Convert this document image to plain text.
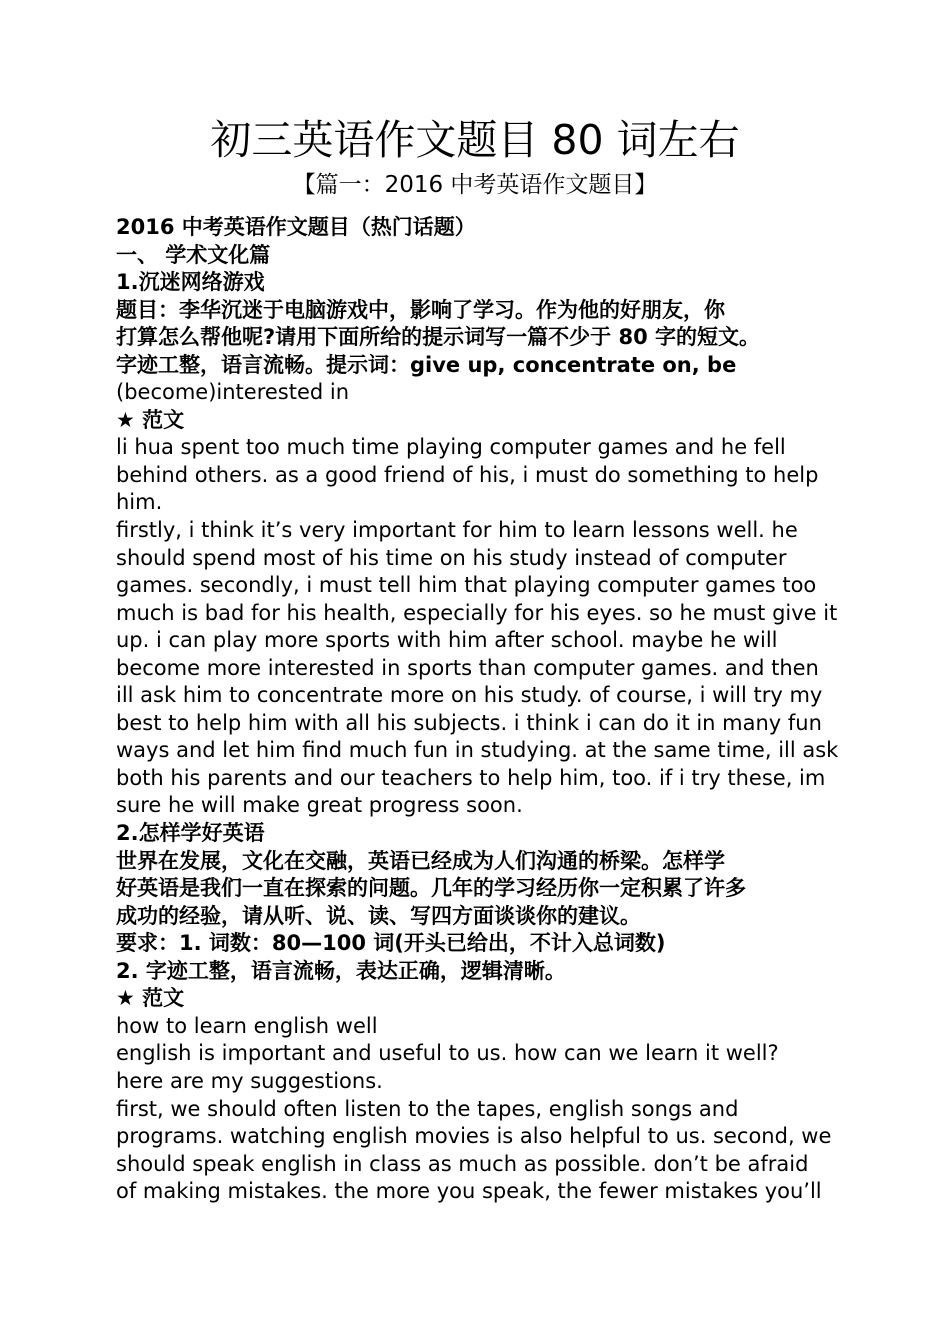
初三英语作文题目 80 词左右
【篇一：2016 中考英语作文题目】
2016 中考英语作文题目（热门话题）
一、 学术文化篇
1.沉迷网络游戏
题目：李华沉迷于电脑游戏中，影响了学习。作为他的好朋友，你
打算怎么帮他呢?请用下面所给的提示词写一篇不少于 80 字的短文。
字迹工整，语言流畅。提示词：give up, concentrate on, be
(become)interested in
★ 范文
li hua spent too much time playing computer games and he fell
behind others. as a good friend of his, i must do something to help
him.
firstly, i think it’s very important for him to learn lessons well. he
should spend most of his time on his study instead of computer
games. secondly, i must tell him that playing computer games too
much is bad for his health, especially for his eyes. so he must give it
up. i can play more sports with him after school. maybe he will
become more interested in sports than computer games. and then
ill ask him to concentrate more on his study. of course, i will try my
best to help him with all his subjects. i think i can do it in many fun
ways and let him find much fun in studying. at the same time, ill ask
both his parents and our teachers to help him, too. if i try these, im
sure he will make great progress soon.
2.怎样学好英语
世界在发展，文化在交融，英语已经成为人们沟通的桥梁。怎样学
好英语是我们一直在探索的问题。几年的学习经历你一定积累了许多
成功的经验，请从听、说、读、写四方面谈谈你的建议。
要求：1. 词数：80—100 词(开头已给出，不计入总词数)
2. 字迹工整，语言流畅，表达正确，逻辑清晰。
★ 范文
how to learn english well
english is important and useful to us. how can we learn it well?
here are my suggestions.
first, we should often listen to the tapes, english songs and
programs. watching english movies is also helpful to us. second, we
should speak english in class as much as possible. don’t be afraid
of making mistakes. the more you speak, the fewer mistakes you’ll
